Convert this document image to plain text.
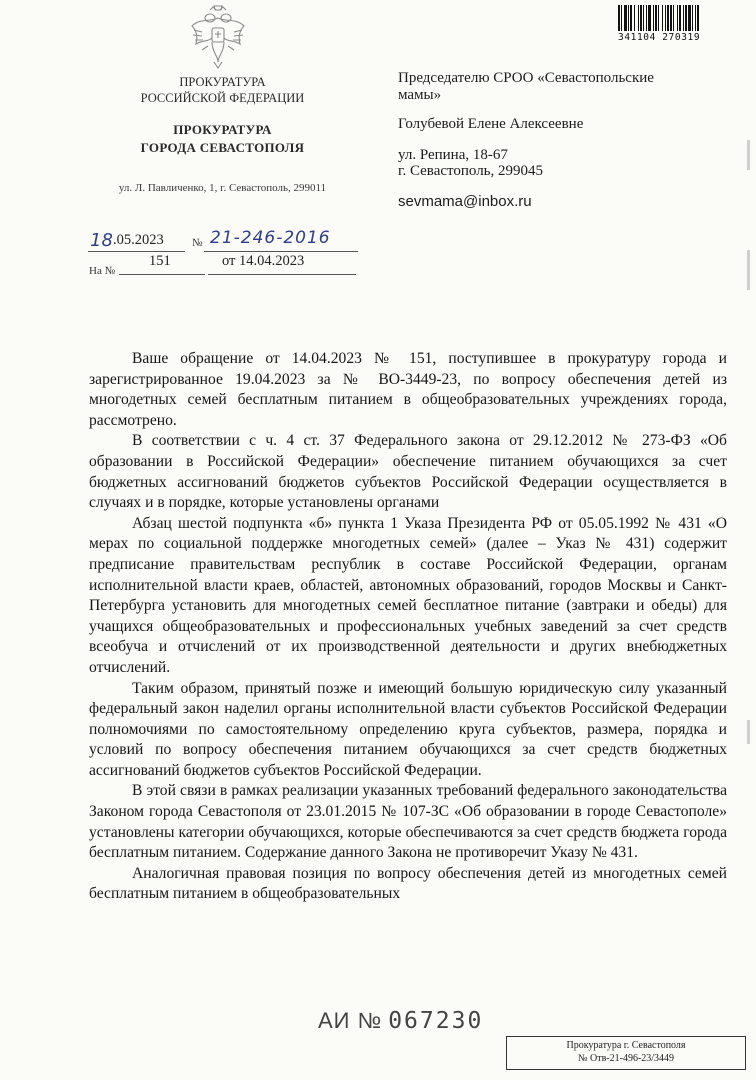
ПРОКУРАТУРА
РОССИЙСКОЙ ФЕДЕРАЦИИ
ПРОКУРАТУРА
ГОРОДА СЕВАСТОПОЛЯ
ул. Л. Павличенко, 1, г. Севастополь, 299011
18 .05.2023	№ 21-246-2016
На №
151	от 14.04.2023
341104 270319
Председателю СРОО «Севастопольские
мамы»
Голубевой Елене Алексеевне
ул. Репина, 18-67
г. Севастополь, 299045
sevmama@inbox.ru

Ваше обращение от 14.04.2023 № 151, поступившее в прокуратуру города и зарегистрированное 19.04.2023 за № ВО-3449-23, по вопросу обеспечения детей из многодетных семей бесплатным питанием в общеобразовательных учреждениях города, рассмотрено.

В соответствии с ч. 4 ст. 37 Федерального закона от 29.12.2012 № 273-ФЗ «Об образовании в Российской Федерации» обеспечение питанием обучающихся за счет бюджетных ассигнований бюджетов субъектов Российской Федерации осуществляется в случаях и в порядке, которые установлены органами

Абзац шестой подпункта «б» пункта 1 Указа Президента РФ от 05.05.1992 № 431 «О мерах по социальной поддержке многодетных семей» (далее – Указ № 431) содержит предписание правительствам республик в составе Российской Федерации, органам исполнительной власти краев, областей, автономных образований, городов Москвы и Санкт-Петербурга установить для многодетных семей бесплатное питание (завтраки и обеды) для учащихся общеобразовательных и профессиональных учебных заведений за счет средств всеобуча и отчислений от их производственной деятельности и других внебюджетных отчислений.

Таким образом, принятый позже и имеющий большую юридическую силу указанный федеральный закон наделил органы исполнительной власти субъектов Российской Федерации полномочиями по самостоятельному определению круга субъектов, размера, порядка и условий по вопросу обеспечения питанием обучающихся за счет средств бюджетных ассигнований бюджетов субъектов Российской Федерации.

В этой связи в рамках реализации указанных требований федерального законодательства Законом города Севастополя от 23.01.2015 № 107-ЗС «Об образовании в городе Севастополе» установлены категории обучающихся, которые обеспечиваются за счет средств бюджета города бесплатным питанием. Содержание данного Закона не противоречит Указу № 431.

Аналогичная правовая позиция по вопросу обеспечения детей из многодетных семей бесплатным питанием в общеобразовательных

АИ № 067230
Прокуратура г. Севастополя
№ Отв-21-496-23/3449
